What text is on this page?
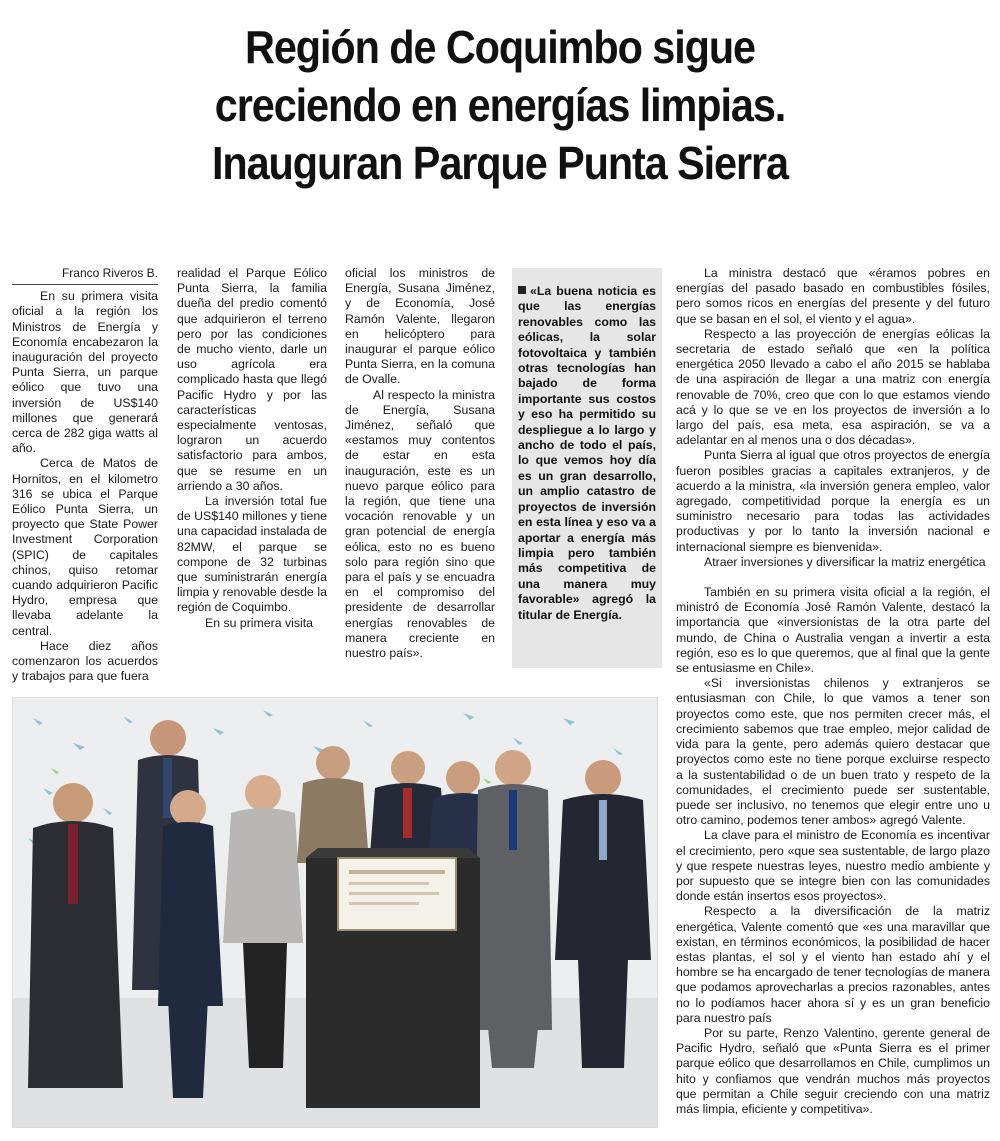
Región de Coquimbo sigue
creciendo en energías limpias.
Inauguran Parque Punta Sierra
Franco Riveros B.

En su primera visita oficial a la región los Ministros de Energía y Economía encabezaron la inauguración del proyecto Punta Sierra, un parque eólico que tuvo una inversión de US$140 millones que generará cerca de 282 giga watts al año.

Cerca de Matos de Hornitos, en el kilometro 316 se ubica el Parque Eólico Punta Sierra, un proyecto que State Power Investment Corporation (SPIC) de capitales chinos, quiso retomar cuando adquirieron Pacific Hydro, empresa que llevaba adelante la central.

Hace diez años comenzaron los acuerdos y trabajos para que fuera

realidad el Parque Eólico Punta Sierra, la familia dueña del predio comentó que adquirieron el terreno pero por las condiciones de mucho viento, darle un uso agrícola era complicado hasta que llegó Pacific Hydro y por las características especialmente ventosas, lograron un acuerdo satisfactorio para ambos, que se resume en un arriendo a 30 años.

La inversión total fue de US$140 millones y tiene una capacidad instalada de 82MW, el parque se compone de 32 turbinas que suministrarán energía limpia y renovable desde la región de Coquimbo.

En su primera visita

oficial los ministros de Energía, Susana Jiménez, y de Economía, José Ramón Valente, llegaron en helicóptero para inaugurar el parque eólico Punta Sierra, en la comuna de Ovalle.

Al respecto la ministra de Energía, Susana Jiménez, señaló que «estamos muy contentos de estar en esta inauguración, este es un nuevo parque eólico para la región, que tiene una vocación renovable y un gran potencial de energía eólica, esto no es bueno solo para región sino que para el país y se encuadra en el compromiso del presidente de desarrollar energías renovables de manera creciente en nuestro país».

«La buena noticia es que las energías renovables como las eólicas, la solar fotovoltaica y también otras tecnologías han bajado de forma importante sus costos y eso ha permitido su despliegue a lo largo y ancho de todo el país, lo que vemos hoy día es un gran desarrollo, un amplio catastro de proyectos de inversión en esta línea y eso va a aportar a energía más limpia pero también más competitiva de una manera muy favorable» agregó la titular de Energía.

La ministra destacó que «éramos pobres en energías del pasado basado en combustibles fósiles, pero somos ricos en energías del presente y del futuro que se basan en el sol, el viento y el agua».

Respecto a las proyección de energías eólicas la secretaria de estado señaló que «en la política energética 2050 llevado a cabo el año 2015 se hablaba de una aspiración de llegar a una matriz con energía renovable de 70%, creo que con lo que estamos viendo acá y lo que se ve en los proyectos de inversión a lo largo del país, esa meta, esa aspiración, se va a adelantar en al menos una o dos décadas».

Punta Sierra al igual que otros proyectos de energía fueron posibles gracias a capitales extranjeros, y de acuerdo a la ministra, «la inversión genera empleo, valor agregado, competitividad porque la energía es un suministro necesario para todas las actividades productivas y por lo tanto la inversión nacional e internacional siempre es bienvenida».

Atraer inversiones y diversificar la matriz energética

También en su primera visita oficial a la región, el ministró de Economía José Ramón Valente, destacó la importancia que «inversionistas de la otra parte del mundo, de China o Australia vengan a invertir a esta región, eso es lo que queremos, que al final que la gente se entusiasme en Chile».

«Si inversionistas chilenos y extranjeros se entusiasman con Chile, lo que vamos a tener son proyectos como este, que nos permiten crecer más, el crecimiento sabemos que trae empleo, mejor calidad de vida para la gente, pero además quiero destacar que proyectos como este no tiene porque excluirse respecto a la sustentabilidad o de un buen trato y respeto de la comunidades, el crecimiento puede ser sustentable, puede ser inclusivo, no tenemos que elegir entre uno u otro camino, podemos tener ambos» agregó Valente.

La clave para el ministro de Economía es incentivar el crecimiento, pero «que sea sustentable, de largo plazo y que respete nuestras leyes, nuestro medio ambiente y por supuesto que se integre bien con las comunidades donde están insertos esos proyectos».

Respecto a la diversificación de la matriz energética, Valente comentó que «es una maravillar que existan, en términos económicos, la posibilidad de hacer estas plantas, el sol y el viento han estado ahí y el hombre se ha encargado de tener tecnologías de manera que podamos aprovecharlas a precios razonables, antes no lo podíamos hacer ahora sí y es un gran beneficio para nuestro país

Por su parte, Renzo Valentino, gerente general de Pacific Hydro, señaló que «Punta Sierra es el primer parque eólico que desarrollamos en Chile, cumplimos un hito y confiamos que vendrán muchos más proyectos que permitan a Chile seguir creciendo con una matriz más limpia, eficiente y competitiva».
